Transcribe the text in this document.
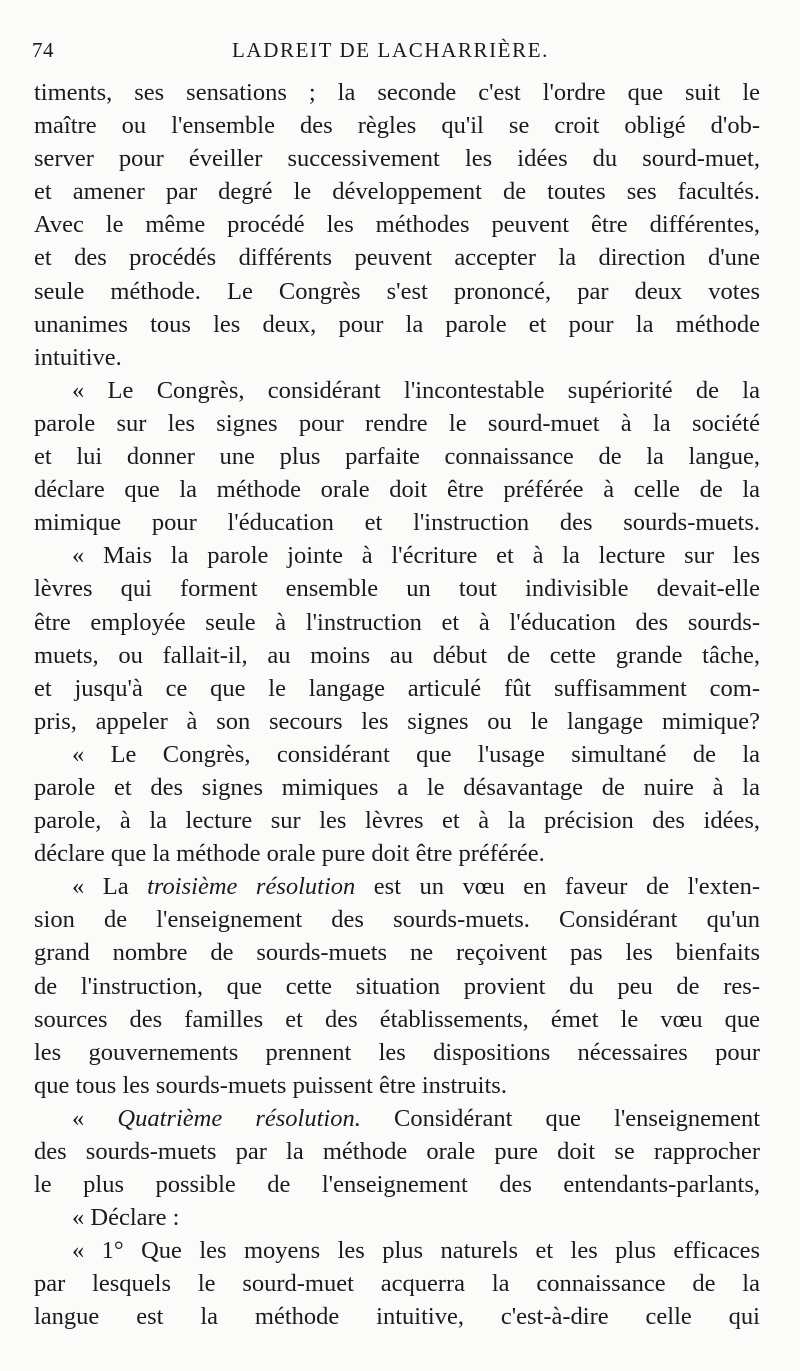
74	LADREIT DE LACHARRIÈRE.
timents, ses sensations ; la seconde c'est l'ordre que suit le
maître ou l'ensemble des règles qu'il se croit obligé d'ob-
server pour éveiller successivement les idées du sourd-muet,
et amener par degré le développement de toutes ses facultés.
Avec le même procédé les méthodes peuvent être différentes,
et des procédés différents peuvent accepter la direction d'une
seule méthode. Le Congrès s'est prononcé, par deux votes
unanimes tous les deux, pour la parole et pour la méthode
intuitive.
« Le Congrès, considérant l'incontestable supériorité de la
parole sur les signes pour rendre le sourd-muet à la société
et lui donner une plus parfaite connaissance de la langue,
déclare que la méthode orale doit être préférée à celle de la
mimique pour l'éducation et l'instruction des sourds-muets.
« Mais la parole jointe à l'écriture et à la lecture sur les
lèvres qui forment ensemble un tout indivisible devait-elle
être employée seule à l'instruction et à l'éducation des sourds-
muets, ou fallait-il, au moins au début de cette grande tâche,
et jusqu'à ce que le langage articulé fût suffisamment com-
pris, appeler à son secours les signes ou le langage mimique?
« Le Congrès, considérant que l'usage simultané de la
parole et des signes mimiques a le désavantage de nuire à la
parole, à la lecture sur les lèvres et à la précision des idées,
déclare que la méthode orale pure doit être préférée.
« La troisième résolution est un vœu en faveur de l'exten-
sion de l'enseignement des sourds-muets. Considérant qu'un
grand nombre de sourds-muets ne reçoivent pas les bienfaits
de l'instruction, que cette situation provient du peu de res-
sources des familles et des établissements, émet le vœu que
les gouvernements prennent les dispositions nécessaires pour
que tous les sourds-muets puissent être instruits.
« Quatrième résolution. Considérant que l'enseignement
des sourds-muets par la méthode orale pure doit se rapprocher
le plus possible de l'enseignement des entendants-parlants,
« Déclare :
« 1° Que les moyens les plus naturels et les plus efficaces
par lesquels le sourd-muet acquerra la connaissance de la
langue est la méthode intuitive, c'est-à-dire celle qui
